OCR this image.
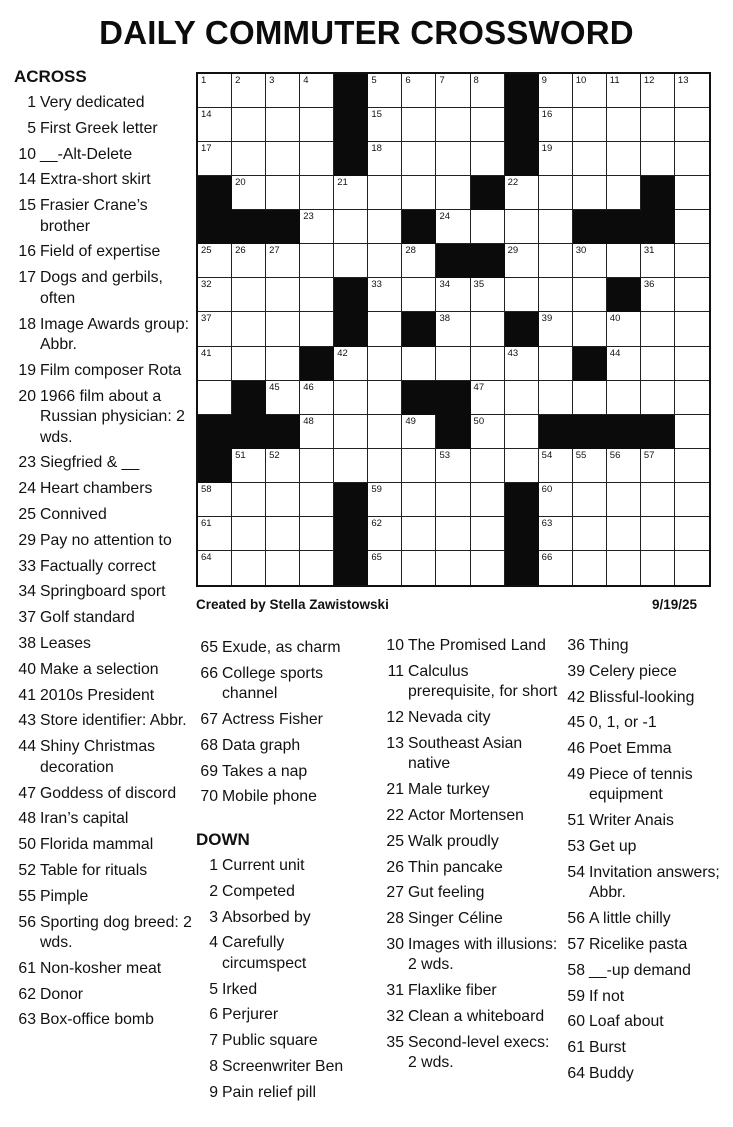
DAILY COMMUTER CROSSWORD
ACROSS
1 Very dedicated
5 First Greek letter
10 __-Alt-Delete
14 Extra-short skirt
15 Frasier Crane’s brother
16 Field of expertise
17 Dogs and gerbils, often
18 Image Awards group: Abbr.
19 Film composer Rota
20 1966 film about a Russian physician: 2 wds.
23 Siegfried & __
24 Heart chambers
25 Connived
29 Pay no attention to
33 Factually correct
34 Springboard sport
37 Golf standard
38 Leases
40 Make a selection
41 2010s President
43 Store identifier: Abbr.
44 Shiny Christmas decoration
47 Goddess of discord
48 Iran’s capital
50 Florida mammal
52 Table for rituals
55 Pimple
56 Sporting dog breed: 2 wds.
61 Non-kosher meat
62 Donor
63 Box-office bomb
1	2	3	4	5	6	7	8	9	10 11	12 13
14	15	16
17	18	19
20	21	22
23	24
25 26 27	28	29	30	31
32	33	34 35	36
37	38	39	40
41	42	43	44
45 46	47
48	49	50
51 52	53	54 55 56 57
58	59	60
61	62	63
64	65	66
Created by Stella Zawistowski	9/19/25
65 Exude, as charm
66 College sports channel
67 Actress Fisher
68 Data graph
69 Takes a nap
70 Mobile phone
DOWN
1 Current unit
2 Competed
3 Absorbed by
4 Carefully circumspect
5 Irked
6 Perjurer
7 Public square
8 Screenwriter Ben
9 Pain relief pill
10 The Promised Land
11 Calculus prerequisite, for short
12 Nevada city
13 Southeast Asian native
21 Male turkey
22 Actor Mortensen
25 Walk proudly
26 Thin pancake
27 Gut feeling
28 Singer Céline
30 Images with illusions: 2 wds.
31 Flaxlike fiber
32 Clean a whiteboard
35 Second-level execs: 2 wds.
36 Thing
39 Celery piece
42 Blissful-looking
45 0, 1, or -1
46 Poet Emma
49 Piece of tennis equipment
51 Writer Anais
53 Get up
54 Invitation answers; Abbr.
56 A little chilly
57 Ricelike pasta
58 __-up demand
59 If not
60 Loaf about
61 Burst
64 Buddy
